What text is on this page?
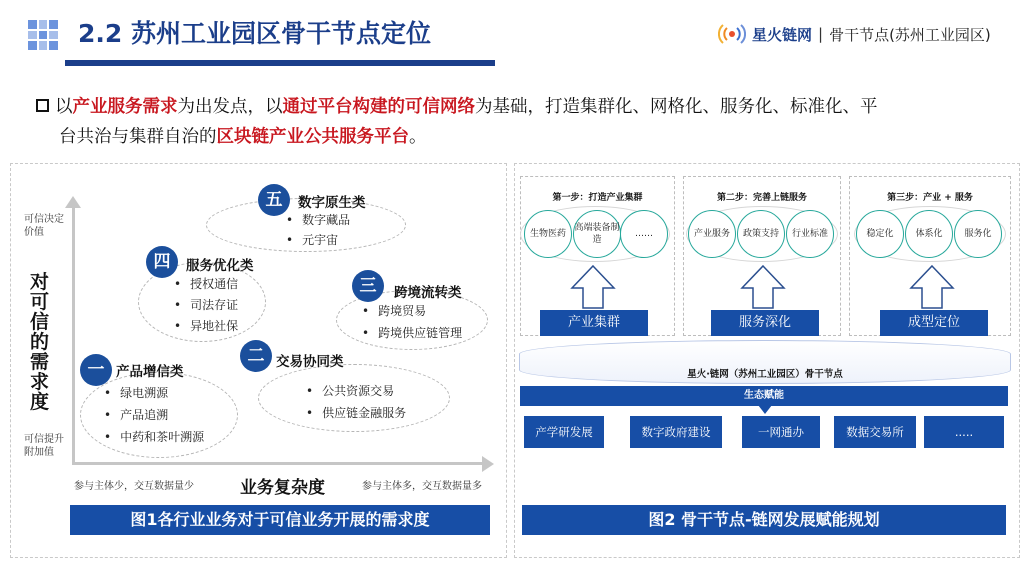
2.2 苏州工业园区骨干节点定位	星火链网 | 骨干节点(苏州工业园区)
以产业服务需求为出发点，以通过平台构建的可信网络为基础，打造集群化、网格化、服务化、标准化、平
台共治与集群自治的区块链产业公共服务平台。
可信决定价值
可信提升附加值
对可信的需求度
参与主体少，交互数据量少	业务复杂度	参与主体多，交互数据量多
五	数字原生类
• 数字藏品
• 元宇宙
四	服务优化类
• 授权通信
• 司法存证
• 异地社保
三	跨境流转类
• 跨境贸易
• 跨境供应链管理
二 交易协同类
• 公共资源交易
• 供应链金融服务
一 产品增信类
• 绿电溯源
• 产品追溯
• 中药和茶叶溯源
图1各行业业务对于可信业务开展的需求度
第一步：打造产业集群	第二步：完善上链服务	第三步：产业 + 服务
生物医药
高端装备制造
……	产业服务	政策支持	行业标准	稳定化	体系化	服务化
产业集群	服务深化	成型定位
星火·链网（苏州工业园区）骨干节点
生态赋能
产学研发展	数字政府建设	一网通办	数据交易所	.....
图2 骨干节点-链网发展赋能规划
